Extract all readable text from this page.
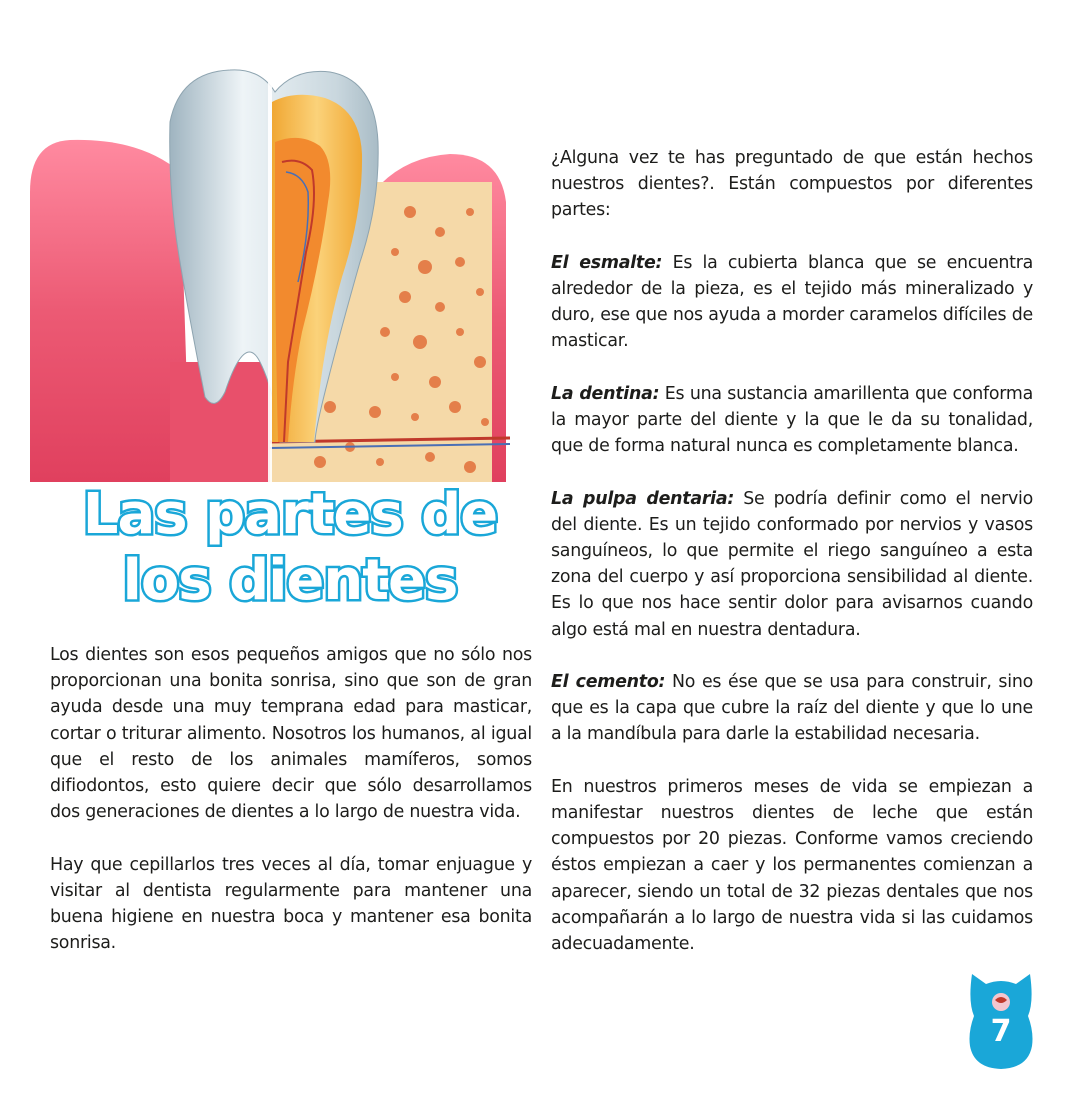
Las partes de los dientes

Los dientes son esos pequeños amigos que no sólo nos proporcionan una bonita sonrisa, sino que son de gran ayuda desde una muy temprana edad para masticar, cortar o triturar alimento. Nosotros los humanos, al igual que el resto de los animales mamíferos, somos difiodontos, esto quiere decir que sólo desarrollamos dos generaciones de dientes a lo largo de nuestra vida.

Hay que cepillarlos tres veces al día, tomar enjuague y visitar al dentista regularmente para mantener una buena higiene en nuestra boca y mantener esa bonita sonrisa.

¿Alguna vez te has preguntado de que están hechos nuestros dientes?. Están compuestos por diferentes partes:

El esmalte: Es la cubierta blanca que se encuentra alrededor de la pieza, es el tejido más mineralizado y duro, ese que nos ayuda a morder caramelos difíciles de masticar.

La dentina: Es una sustancia amarillenta que conforma la mayor parte del diente y la que le da su tonalidad, que de forma natural nunca es completamente blanca.

La pulpa dentaria: Se podría definir como el nervio del diente. Es un tejido conformado por nervios y vasos sanguíneos, lo que permite el riego sanguíneo a esta zona del cuerpo y así proporciona sensibilidad al diente. Es lo que nos hace sentir dolor para avisarnos cuando algo está mal en nuestra dentadura.

El cemento: No es ése que se usa para construir, sino que es la capa que cubre la raíz del diente y que lo une a la mandíbula para darle la estabilidad necesaria.

En nuestros primeros meses de vida se empiezan a manifestar nuestros dientes de leche que están compuestos por 20 piezas. Conforme vamos creciendo éstos empiezan a caer y los permanentes comienzan a aparecer, siendo un total de 32 piezas dentales que nos acompañarán a lo largo de nuestra vida si las cuidamos adecuadamente.

7
